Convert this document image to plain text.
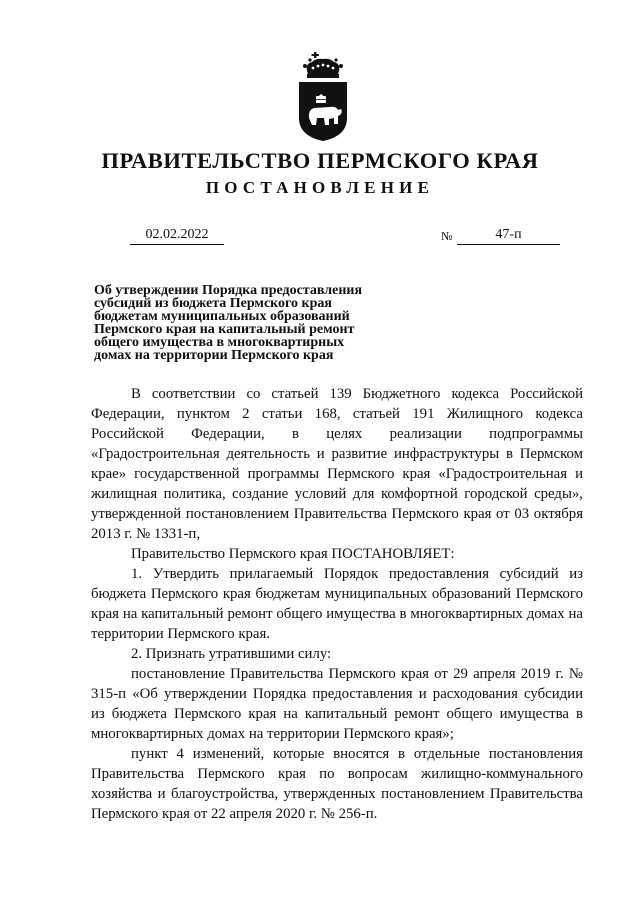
ПРАВИТЕЛЬСТВО ПЕРМСКОГО КРАЯ
ПОСТАНОВЛЕНИЕ
02.02.2022	№	47-п
Об утверждении Порядка предоставления
субсидий из бюджета Пермского края
бюджетам муниципальных образований
Пермского края на капитальный ремонт
общего имущества в многоквартирных
домах на территории Пермского края

В соответствии со статьей 139 Бюджетного кодекса Российской Федерации, пунктом 2 статьи 168, статьей 191 Жилищного кодекса Российской Федерации, в целях реализации подпрограммы «Градостроительная деятельность и развитие инфраструктуры в Пермском крае» государственной программы Пермского края «Градостроительная и жилищная политика, создание условий для комфортной городской среды», утвержденной постановлением Правительства Пермского края от 03 октября 2013 г. № 1331-п,

Правительство Пермского края ПОСТАНОВЛЯЕТ:

1. Утвердить прилагаемый Порядок предоставления субсидий из бюджета Пермского края бюджетам муниципальных образований Пермского края на капитальный ремонт общего имущества в многоквартирных домах на территории Пермского края.

2. Признать утратившими силу:

постановление Правительства Пермского края от 29 апреля 2019 г. № 315-п «Об утверждении Порядка предоставления и расходования субсидии из бюджета Пермского края на капитальный ремонт общего имущества в многоквартирных домах на территории Пермского края»;

пункт 4 изменений, которые вносятся в отдельные постановления Правительства Пермского края по вопросам жилищно-коммунального хозяйства и благоустройства, утвержденных постановлением Правительства Пермского края от 22 апреля 2020 г. № 256-п.
